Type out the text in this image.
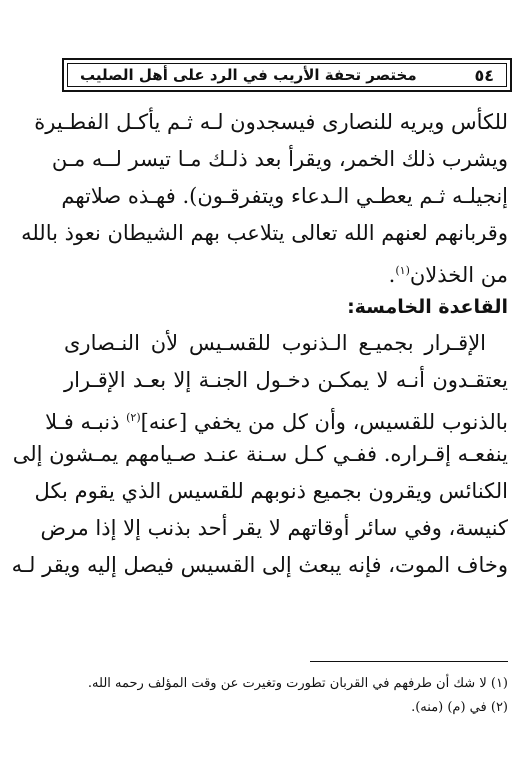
٥٤
مختصر تحفة الأريب في الرد على أهل الصليب
للكأس ويريه للنصارى فيسجدون لـه ثـم يأكـل الفطـيرة
ويشرب ذلك الخمر، ويقرأ بعد ذلـك مـا تيسر لــه مـن
إنجيلـه ثـم يعطـي الـدعاء ويتفرقـون). فهـذه صلاتهم
وقربانهم لعنهم الله تعالى يتلاعب بهم الشيطان نعوذ بالله
من الخذلان$^{(١)}$.
القاعدة الخامسة:
الإقـرار بجميـع الـذنوب للقسـيس لأن النـصارى
يعتقـدون أنـه لا يمكـن دخـول الجنـة إلا بعـد الإقـرار
بالذنوب للقسيس، وأن كل من يخفي [عنه]$^{(٢)}$ ذنبـه فـلا
ينفعـه إقـراره. ففـي كـل سـنة عنـد صـيامهم يمـشون إلى
الكنائس ويقرون بجميع ذنوبهم للقسيس الذي يقوم بكل
كنيسة، وفي سائر أوقاتهم لا يقر أحد بذنب إلا إذا مرض
وخاف الموت، فإنه يبعث إلى القسيس فيصل إليه ويقر لـه
(١) لا شك أن طرفهم في القربان تطورت وتغيرت عن وقت المؤلف رحمه الله.
(٢) في (م) (منه).
